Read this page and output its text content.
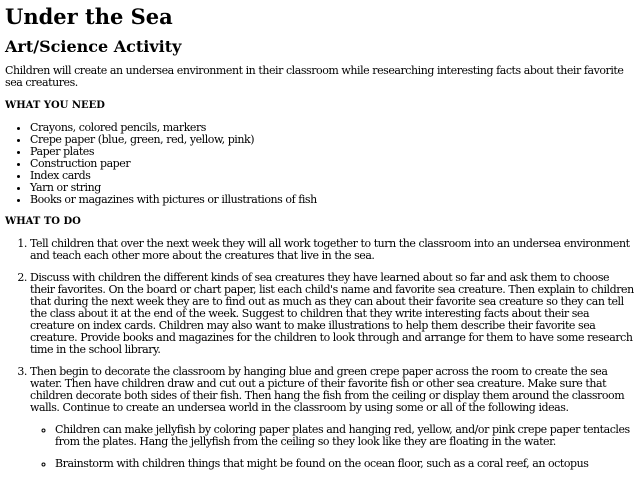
Under the Sea
Art/Science Activity

Children will create an undersea environment in their classroom while researching interesting facts about their favorite sea creatures.

WHAT YOU NEED
• Crayons, colored pencils, markers
• Crepe paper (blue, green, red, yellow, pink)
• Paper plates
• Construction paper
• Index cards
• Yarn or string
• Books or magazines with pictures or illustrations of fish
WHAT TO DO
1. Tell children that over the next week they will all work together to turn the classroom into an undersea environment and teach each other more about the creatures that live in the sea.
2. Discuss with children the different kinds of sea creatures they have learned about so far and ask them to choose their favorites. On the board or chart paper, list each child's name and favorite sea creature. Then explain to children that during the next week they are to find out as much as they can about their favorite sea creature so they can tell the class about it at the end of the week. Suggest to children that they write interesting facts about their sea creature on index cards. Children may also want to make illustrations to help them describe their favorite sea creature. Provide books and magazines for the children to look through and arrange for them to have some research time in the school library.
3. Then begin to decorate the classroom by hanging blue and green crepe paper across the room to create the sea water. Then have children draw and cut out a picture of their favorite fish or other sea creature. Make sure that children decorate both sides of their fish. Then hang the fish from the ceiling or display them around the classroom walls. Continue to create an undersea world in the classroom by using some or all of the following ideas.
◦ Children can make jellyfish by coloring paper plates and hanging red, yellow, and/or pink crepe paper tentacles from the plates. Hang the jellyfish from the ceiling so they look like they are floating in the water.
◦ Brainstorm with children things that might be found on the ocean floor, such as a coral reef, an octopus
